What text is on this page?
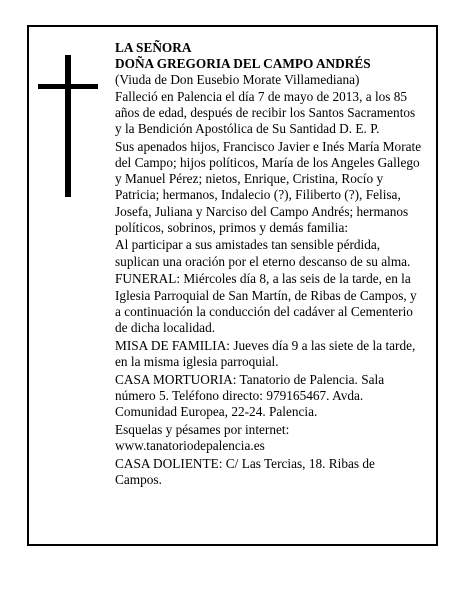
LA SEÑORA
DOÑA GREGORIA DEL CAMPO ANDRÉS
(Viuda de Don Eusebio Morate Villamediana)

Falleció en Palencia el día 7 de mayo de 2013, a los 85 años de edad, después de recibir los Santos Sacramentos y la Bendición Apostólica de Su Santidad D. E. P.

Sus apenados hijos, Francisco Javier e Inés María Morate del Campo; hijos políticos, María de los Angeles Gallego y Manuel Pérez; nietos, Enrique, Cristina, Rocío y Patricia; hermanos, Indalecio (?), Filiberto (?), Felisa, Josefa, Juliana y Narciso del Campo Andrés; hermanos políticos, sobrinos, primos y demás familia:

Al participar a sus amistades tan sensible pérdida, suplican una oración por el eterno descanso de su alma.

FUNERAL: Miércoles día 8, a las seis de la tarde, en la Iglesia Parroquial de San Martín, de Ribas de Campos, y a continuación la conducción del cadáver al Cementerio de dicha localidad.

MISA DE FAMILIA: Jueves día 9 a las siete de la tarde, en la misma iglesia parroquial.

CASA MORTUORIA: Tanatorio de Palencia. Sala número 5. Teléfono directo: 979165467. Avda. Comunidad Europea, 22-24. Palencia.

Esquelas y pésames por internet: www.tanatoriodepalencia.es

CASA DOLIENTE: C/ Las Tercias, 18. Ribas de Campos.
